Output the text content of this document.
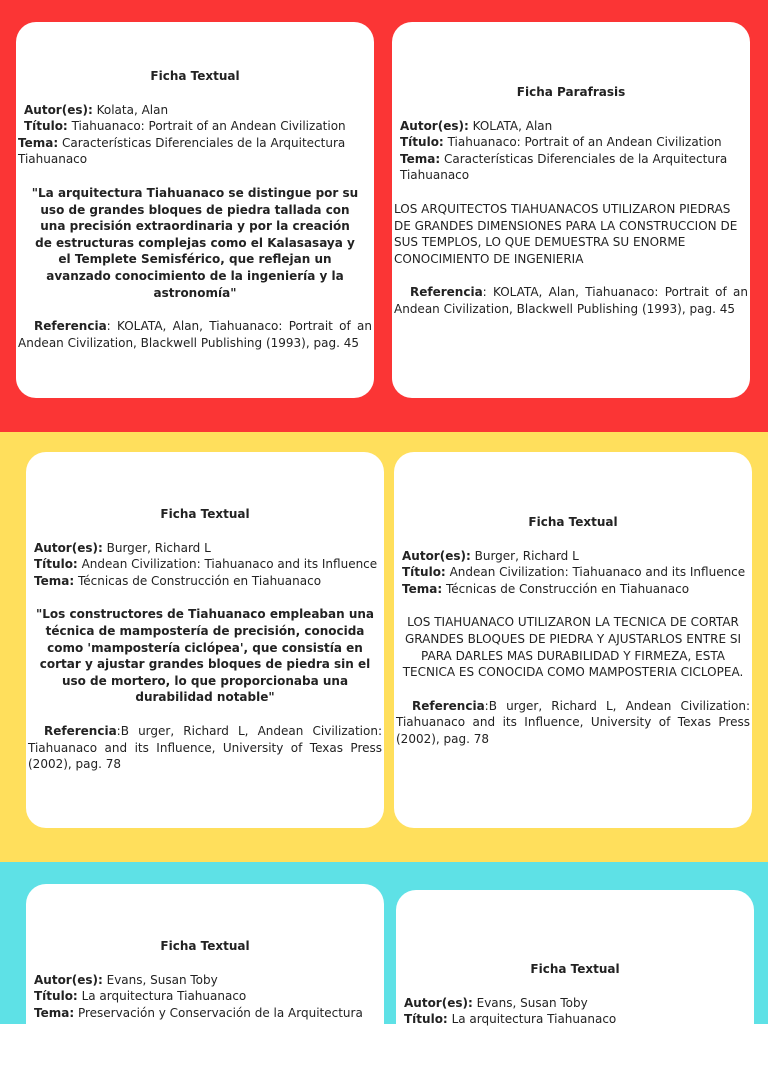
Ficha Textual
Autor(es): Kolata, Alan
Título: Tiahuanaco: Portrait of an Andean Civilization
Tema: Características Diferenciales de la Arquitectura Tiahuanaco
"La arquitectura Tiahuanaco se distingue por su uso de grandes bloques de piedra tallada con una precisión extraordinaria y por la creación de estructuras complejas como el Kalasasaya y el Templete Semisférico, que reflejan un avanzado conocimiento de la ingeniería y la astronomía"
Referencia: KOLATA, Alan, Tiahuanaco: Portrait of an Andean Civilization, Blackwell Publishing (1993), pag. 45
Ficha Parafrasis
Autor(es): KOLATA, Alan
Título: Tiahuanaco: Portrait of an Andean Civilization
Tema: Características Diferenciales de la Arquitectura Tiahuanaco
LOS ARQUITECTOS TIAHUANACOS UTILIZARON PIEDRAS DE GRANDES DIMENSIONES PARA LA CONSTRUCCION DE SUS TEMPLOS, LO QUE DEMUESTRA SU ENORME CONOCIMIENTO DE INGENIERIA
Referencia: KOLATA, Alan, Tiahuanaco: Portrait of an Andean Civilization, Blackwell Publishing (1993), pag. 45
Ficha Textual
Autor(es): Burger, Richard L
Título: Andean Civilization: Tiahuanaco and its Influence
Tema: Técnicas de Construcción en Tiahuanaco
"Los constructores de Tiahuanaco empleaban una técnica de mampostería de precisión, conocida como 'mampostería ciclópea', que consistía en cortar y ajustar grandes bloques de piedra sin el uso de mortero, lo que proporcionaba una durabilidad notable"
Referencia:B urger, Richard L, Andean Civilization: Tiahuanaco and its Influence, University of Texas Press (2002), pag. 78
Ficha Textual
Autor(es): Burger, Richard L
Título: Andean Civilization: Tiahuanaco and its Influence
Tema: Técnicas de Construcción en Tiahuanaco
LOS TIAHUANACO UTILIZARON LA TECNICA DE CORTAR GRANDES BLOQUES DE PIEDRA Y AJUSTARLOS ENTRE SI PARA DARLES MAS DURABILIDAD Y FIRMEZA, ESTA TECNICA ES CONOCIDA COMO MAMPOSTERIA CICLOPEA.
Referencia:B urger, Richard L, Andean Civilization: Tiahuanaco and its Influence, University of Texas Press (2002), pag. 78
Ficha Textual
Autor(es): Evans, Susan Toby
Título: La arquitectura Tiahuanaco
Tema: Preservación y Conservación de la Arquitectura
Ficha Textual
Autor(es): Evans, Susan Toby
Título: La arquitectura Tiahuanaco
